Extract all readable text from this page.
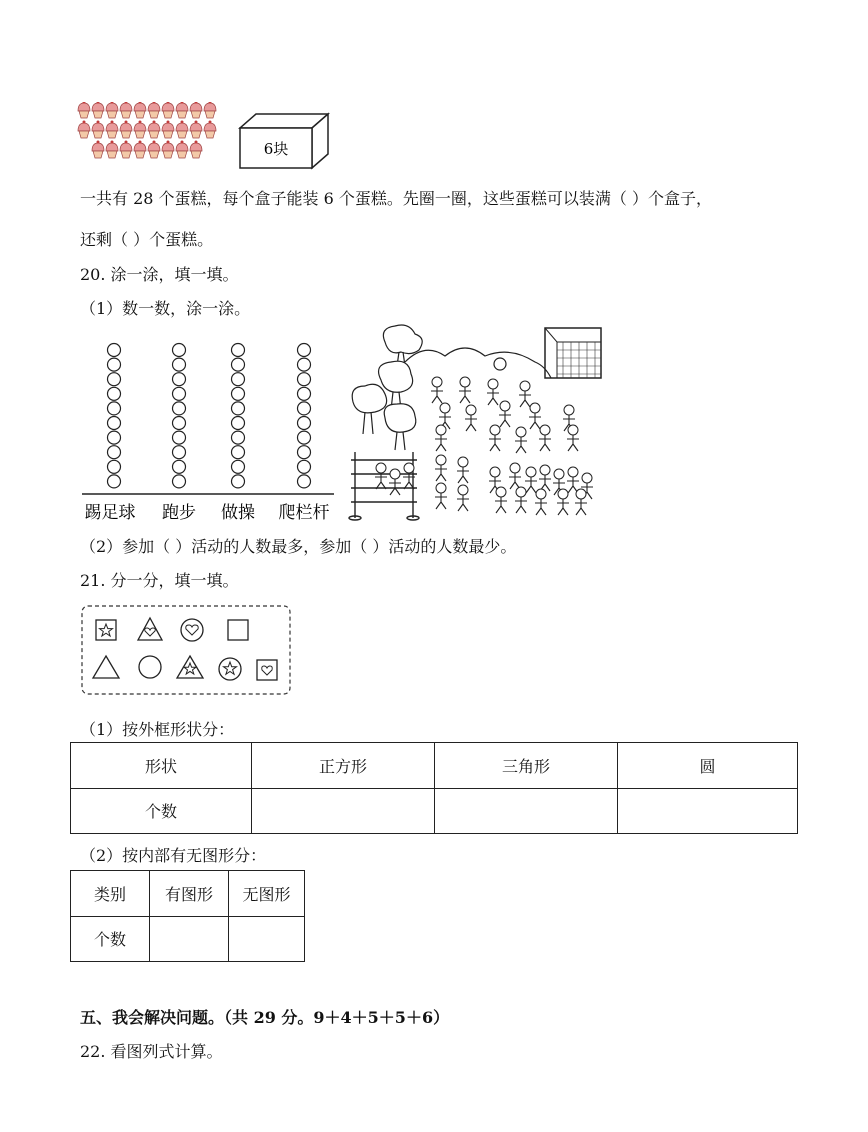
6块
一共有 28 个蛋糕，每个盒子能装 6 个蛋糕。先圈一圈，这些蛋糕可以装满（ ）个盒子，
还剩（ ）个蛋糕。
20. 涂一涂，填一填。
（1）数一数，涂一涂。
踢足球 跑步 做操 爬栏杆
（2）参加（ ）活动的人数最多，参加（ ）活动的人数最少。
21. 分一分，填一填。
（1）按外框形状分：
形状	正方形	三角形	圆
个数			
（2）按内部有无图形分：
类别	有图形	无图形
个数		
五、我会解决问题。（共 29 分。9＋4＋5＋5＋6）
22. 看图列式计算。
